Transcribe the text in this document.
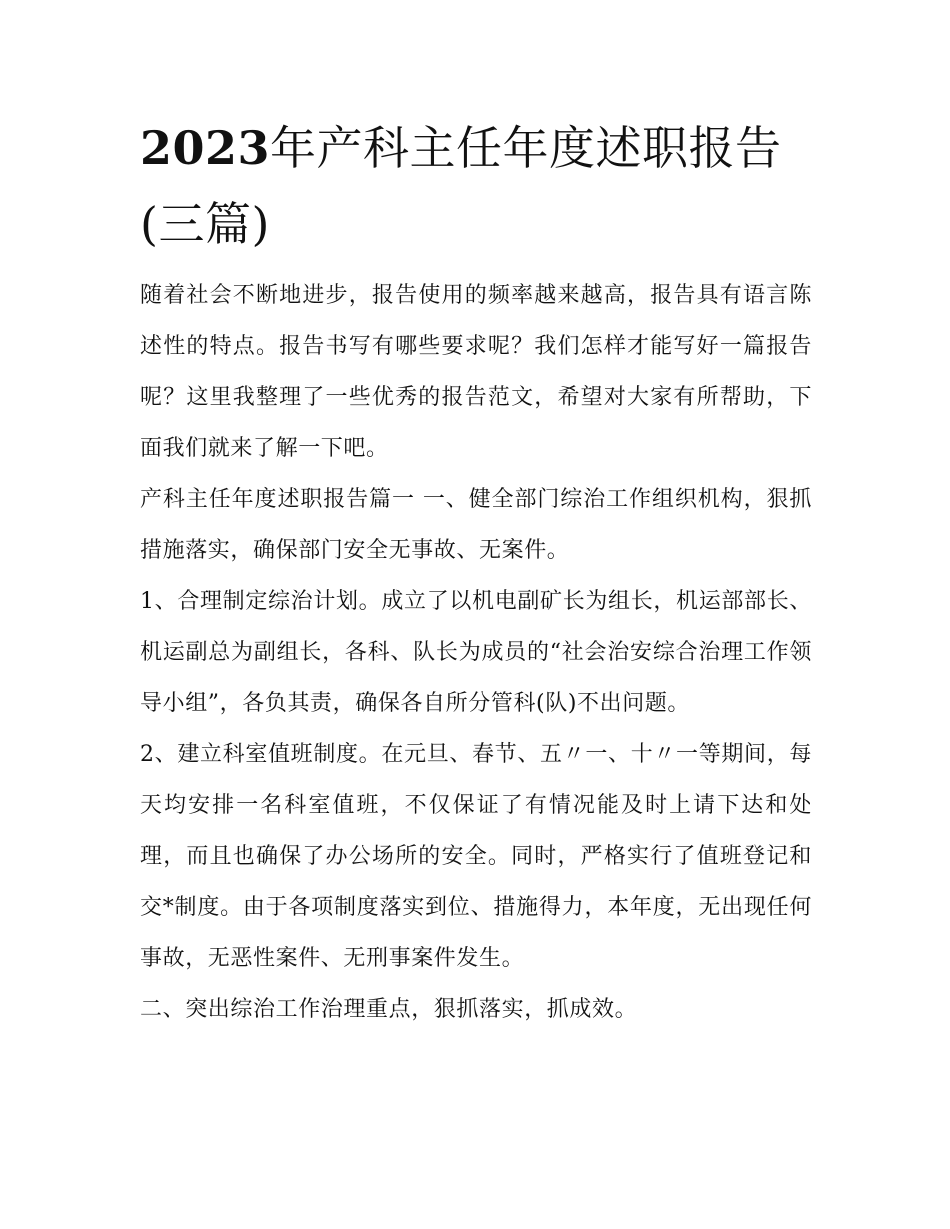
2023年产科主任年度述职报告(三篇)

随着社会不断地进步，报告使用的频率越来越高，报告具有语言陈述性的特点。报告书写有哪些要求呢？我们怎样才能写好一篇报告呢？这里我整理了一些优秀的报告范文，希望对大家有所帮助，下面我们就来了解一下吧。

产科主任年度述职报告篇一 一、健全部门综治工作组织机构，狠抓措施落实，确保部门安全无事故、无案件。

1、合理制定综治计划。成立了以机电副矿长为组长，机运部部长、机运副总为副组长，各科、队长为成员的“社会治安综合治理工作领导小组”，各负其责，确保各自所分管科(队)不出问题。

2、建立科室值班制度。在元旦、春节、五〃一、十〃一等期间，每天均安排一名科室值班，不仅保证了有情况能及时上请下达和处理，而且也确保了办公场所的安全。同时，严格实行了值班登记和交*制度。由于各项制度落实到位、措施得力，本年度，无出现任何事故，无恶性案件、无刑事案件发生。

二、突出综治工作治理重点，狠抓落实，抓成效。
